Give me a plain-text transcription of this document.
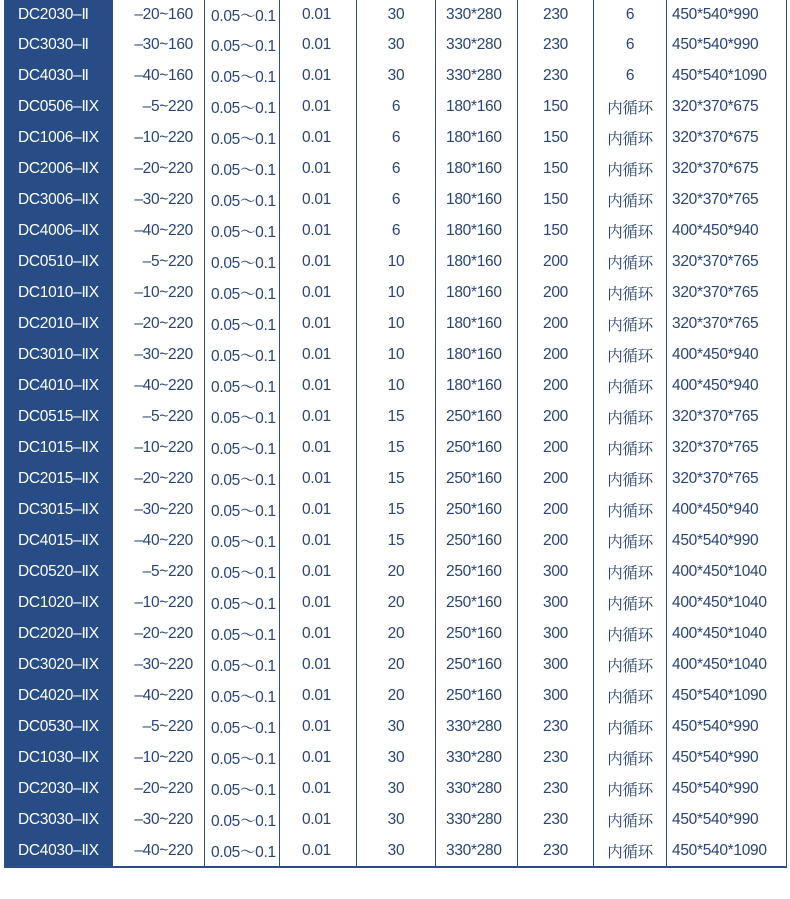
DC2030–Ⅱ	–20~160	0.05～0.1	0.01	30	330*280	230	6	450*540*990
DC3030–Ⅱ	–30~160	0.05～0.1	0.01	30	330*280	230	6	450*540*990
DC4030–Ⅱ	–40~160	0.05～0.1	0.01	30	330*280	230	6	450*540*1090
DC0506–ⅡX	–5~220	0.05～0.1	0.01	6	180*160	150	内循环	320*370*675
DC1006–ⅡX	–10~220	0.05～0.1	0.01	6	180*160	150	内循环	320*370*675
DC2006–ⅡX	–20~220	0.05～0.1	0.01	6	180*160	150	内循环	320*370*675
DC3006–ⅡX	–30~220	0.05～0.1	0.01	6	180*160	150	内循环	320*370*765
DC4006–ⅡX	–40~220	0.05～0.1	0.01	6	180*160	150	内循环	400*450*940
DC0510–ⅡX	–5~220	0.05～0.1	0.01	10	180*160	200	内循环	320*370*765
DC1010–ⅡX	–10~220	0.05～0.1	0.01	10	180*160	200	内循环	320*370*765
DC2010–ⅡX	–20~220	0.05～0.1	0.01	10	180*160	200	内循环	320*370*765
DC3010–ⅡX	–30~220	0.05～0.1	0.01	10	180*160	200	内循环	400*450*940
DC4010–ⅡX	–40~220	0.05～0.1	0.01	10	180*160	200	内循环	400*450*940
DC0515–ⅡX	–5~220	0.05～0.1	0.01	15	250*160	200	内循环	320*370*765
DC1015–ⅡX	–10~220	0.05～0.1	0.01	15	250*160	200	内循环	320*370*765
DC2015–ⅡX	–20~220	0.05～0.1	0.01	15	250*160	200	内循环	320*370*765
DC3015–ⅡX	–30~220	0.05～0.1	0.01	15	250*160	200	内循环	400*450*940
DC4015–ⅡX	–40~220	0.05～0.1	0.01	15	250*160	200	内循环	450*540*990
DC0520–ⅡX	–5~220	0.05～0.1	0.01	20	250*160	300	内循环	400*450*1040
DC1020–ⅡX	–10~220	0.05～0.1	0.01	20	250*160	300	内循环	400*450*1040
DC2020–ⅡX	–20~220	0.05～0.1	0.01	20	250*160	300	内循环	400*450*1040
DC3020–ⅡX	–30~220	0.05～0.1	0.01	20	250*160	300	内循环	400*450*1040
DC4020–ⅡX	–40~220	0.05～0.1	0.01	20	250*160	300	内循环	450*540*1090
DC0530–ⅡX	–5~220	0.05～0.1	0.01	30	330*280	230	内循环	450*540*990
DC1030–ⅡX	–10~220	0.05～0.1	0.01	30	330*280	230	内循环	450*540*990
DC2030–ⅡX	–20~220	0.05～0.1	0.01	30	330*280	230	内循环	450*540*990
DC3030–ⅡX	–30~220	0.05～0.1	0.01	30	330*280	230	内循环	450*540*990
DC4030–ⅡX	–40~220	0.05～0.1	0.01	30	330*280	230	内循环	450*540*1090
